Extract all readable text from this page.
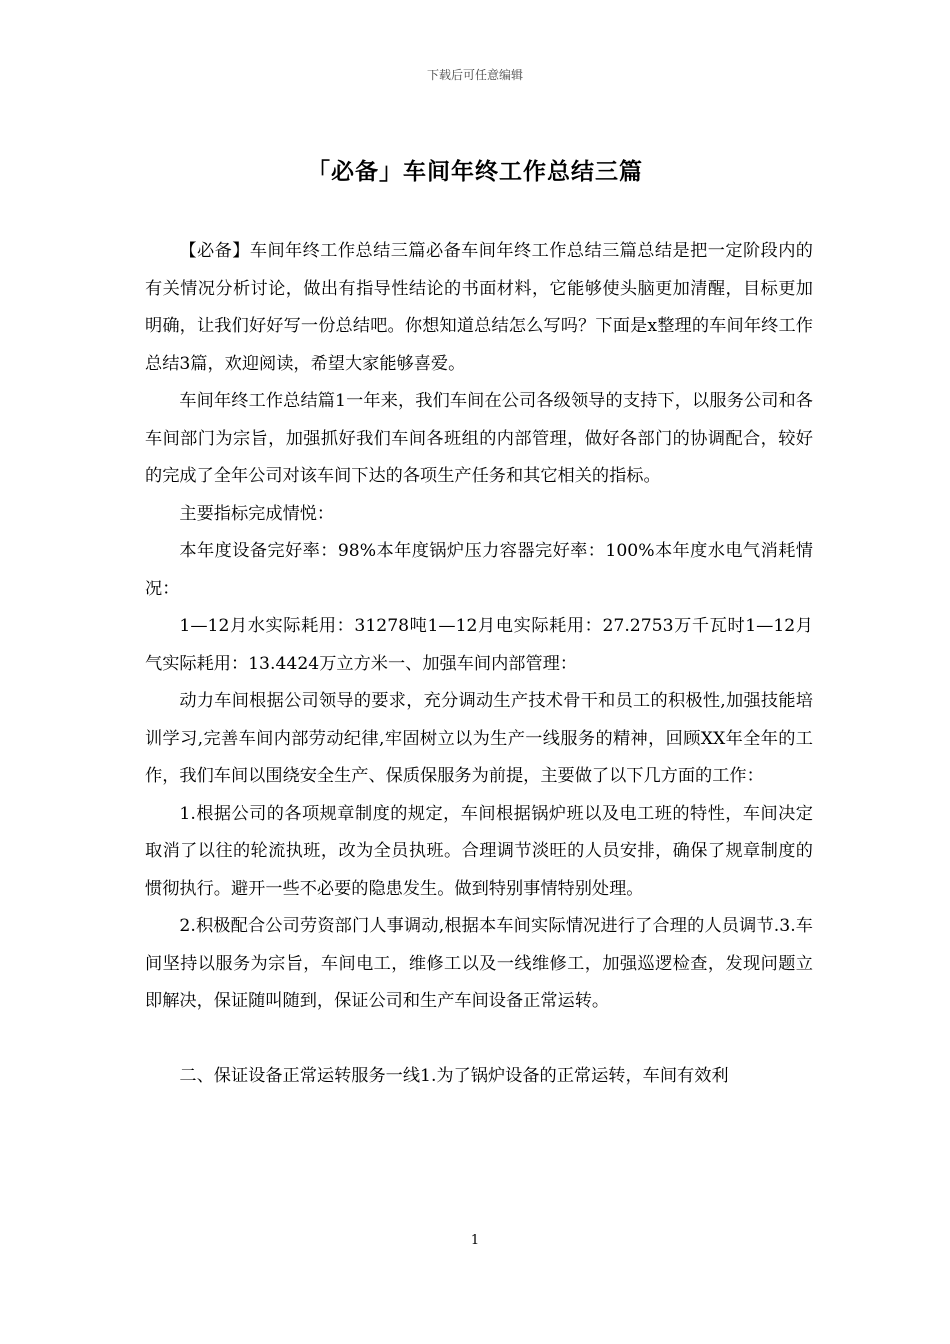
下载后可任意编辑
「必备」车间年终工作总结三篇

【必备】车间年终工作总结三篇必备车间年终工作总结三篇总结是把一定阶段内的有关情况分析讨论，做出有指导性结论的书面材料，它能够使头脑更加清醒，目标更加明确，让我们好好写一份总结吧。你想知道总结怎么写吗？下面是x整理的车间年终工作总结3篇，欢迎阅读，希望大家能够喜爱。

车间年终工作总结篇1一年来，我们车间在公司各级领导的支持下，以服务公司和各车间部门为宗旨，加强抓好我们车间各班组的内部管理，做好各部门的协调配合，较好的完成了全年公司对该车间下达的各项生产任务和其它相关的指标。

主要指标完成情悦：

本年度设备完好率：98%本年度锅炉压力容器完好率：100%本年度水电气消耗情况：

1—12月水实际耗用：31278吨1—12月电实际耗用：27.2753万千瓦时1—12月气实际耗用：13.4424万立方米一、加强车间内部管理：

动力车间根据公司领导的要求，充分调动生产技术骨干和员工的积极性,加强技能培训学习,完善车间内部劳动纪律,牢固树立以为生产一线服务的精神，回顾XX年全年的工作，我们车间以围绕安全生产、保质保服务为前提，主要做了以下几方面的工作：

1.根据公司的各项规章制度的规定，车间根据锅炉班以及电工班的特性，车间决定取消了以往的轮流执班，改为全员执班。合理调节淡旺的人员安排，确保了规章制度的惯彻执行。避开一些不必要的隐患发生。做到特别事情特别处理。

2.积极配合公司劳资部门人事调动,根据本车间实际情况进行了合理的人员调节.3.车间坚持以服务为宗旨，车间电工，维修工以及一线维修工，加强巡逻检查，发现问题立即解决，保证随叫随到，保证公司和生产车间设备正常运转。

二、保证设备正常运转服务一线1.为了锅炉设备的正常运转，车间有效利

1
